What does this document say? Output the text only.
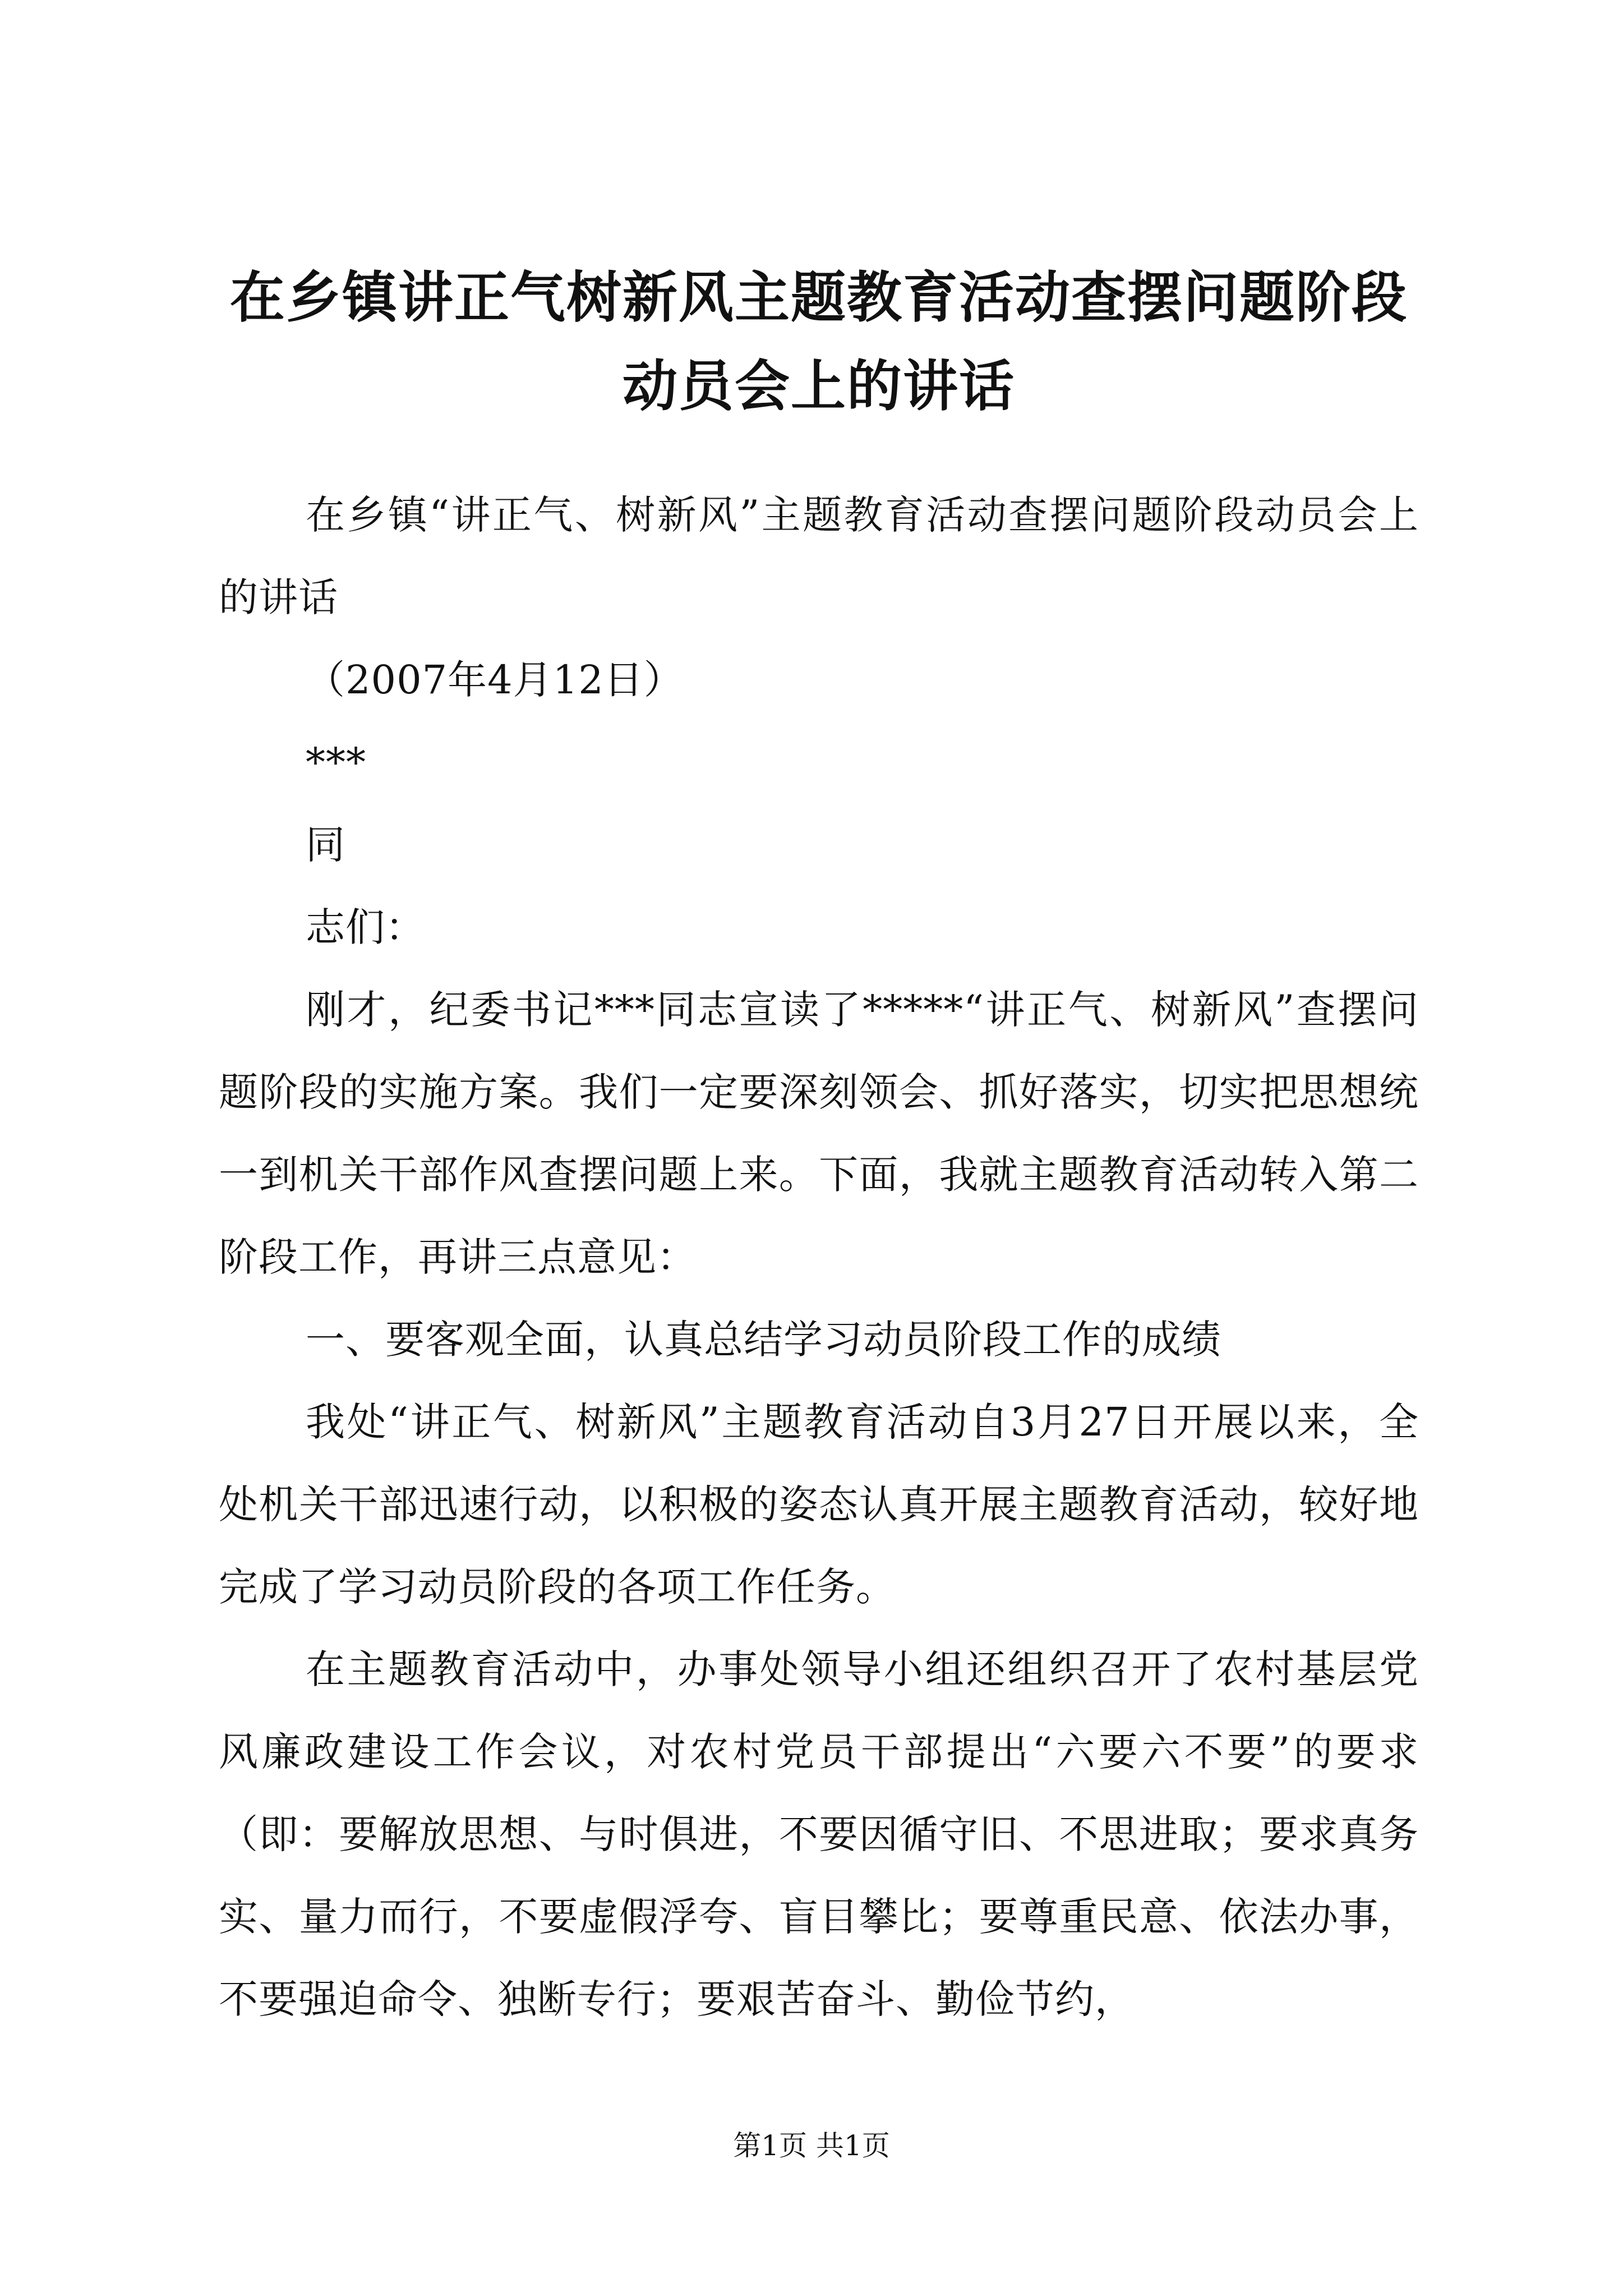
在乡镇讲正气树新风主题教育活动查摆问题阶段动员会上的讲话

在乡镇“讲正气、树新风”主题教育活动查摆问题阶段动员会上的讲话

（2007年4月12日）

***

同

志们：

刚才，纪委书记***同志宣读了*****“讲正气、树新风”查摆问题阶段的实施方案。我们一定要深刻领会、抓好落实，切实把思想统一到机关干部作风查摆问题上来。下面，我就主题教育活动转入第二阶段工作，再讲三点意见：

一、要客观全面，认真总结学习动员阶段工作的成绩

我处“讲正气、树新风”主题教育活动自3月27日开展以来，全处机关干部迅速行动，以积极的姿态认真开展主题教育活动，较好地完成了学习动员阶段的各项工作任务。

在主题教育活动中，办事处领导小组还组织召开了农村基层党风廉政建设工作会议，对农村党员干部提出“六要六不要”的要求（即：要解放思想、与时俱进，不要因循守旧、不思进取；要求真务实、量力而行，不要虚假浮夸、盲目攀比；要尊重民意、依法办事，不要强迫命令、独断专行；要艰苦奋斗、勤俭节约，

第1页 共1页
